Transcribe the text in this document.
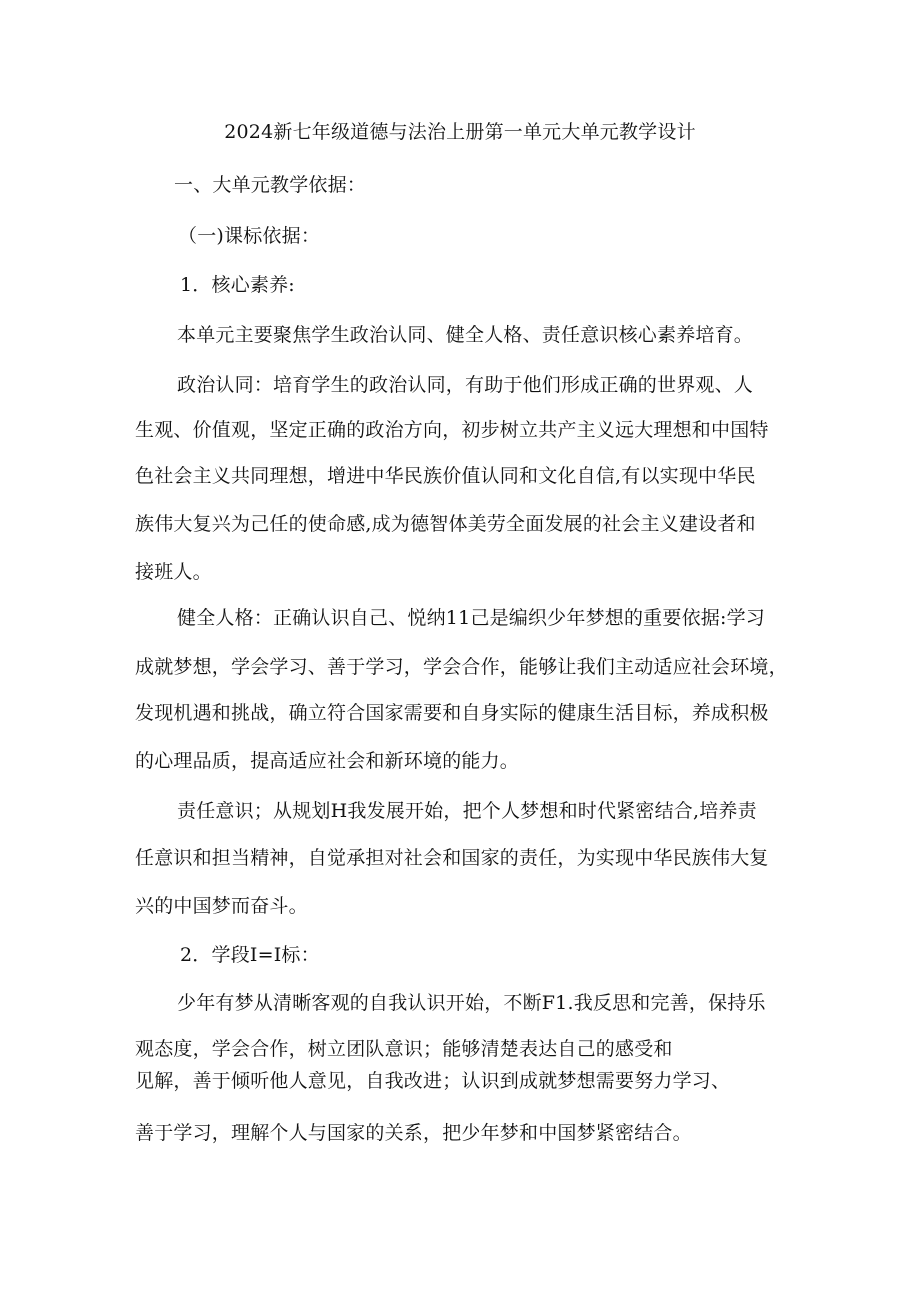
2024新七年级道德与法治上册第一单元大单元教学设计
一、大单元教学依据：
（一)课标依据：
1．核心素养:
本单元主要聚焦学生政治认同、健全人格、责任意识核心素养培育。
政治认同：培育学生的政治认同，有助于他们形成正确的世界观、人
生观、价值观，坚定正确的政治方向，初步树立共产主义远大理想和中国特
色社会主义共同理想，增进中华民族价值认同和文化自信,有以实现中华民
族伟大复兴为己任的使命感,成为德智体美劳全面发展的社会主义建设者和
接班人。
健全人格：正确认识自己、悦纳11己是编织少年梦想的重要依据:学习
成就梦想，学会学习、善于学习，学会合作，能够让我们主动适应社会环境，
发现机遇和挑战，确立符合国家需要和自身实际的健康生活目标，养成积极
的心理品质，提高适应社会和新环境的能力。
责任意识；从规划H我发展开始，把个人梦想和时代紧密结合,培养责
任意识和担当精神，自觉承担对社会和国家的责任，为实现中华民族伟大复
兴的中国梦而奋斗。
2．学段I=I标：
少年有梦从清晰客观的自我认识开始，不断F1.我反思和完善，保持乐
观态度，学会合作，树立团队意识；能够清楚表达自己的感受和
见解，善于倾听他人意见，自我改进；认识到成就梦想需要努力学习、
善于学习，理解个人与国家的关系，把少年梦和中国梦紧密结合。
